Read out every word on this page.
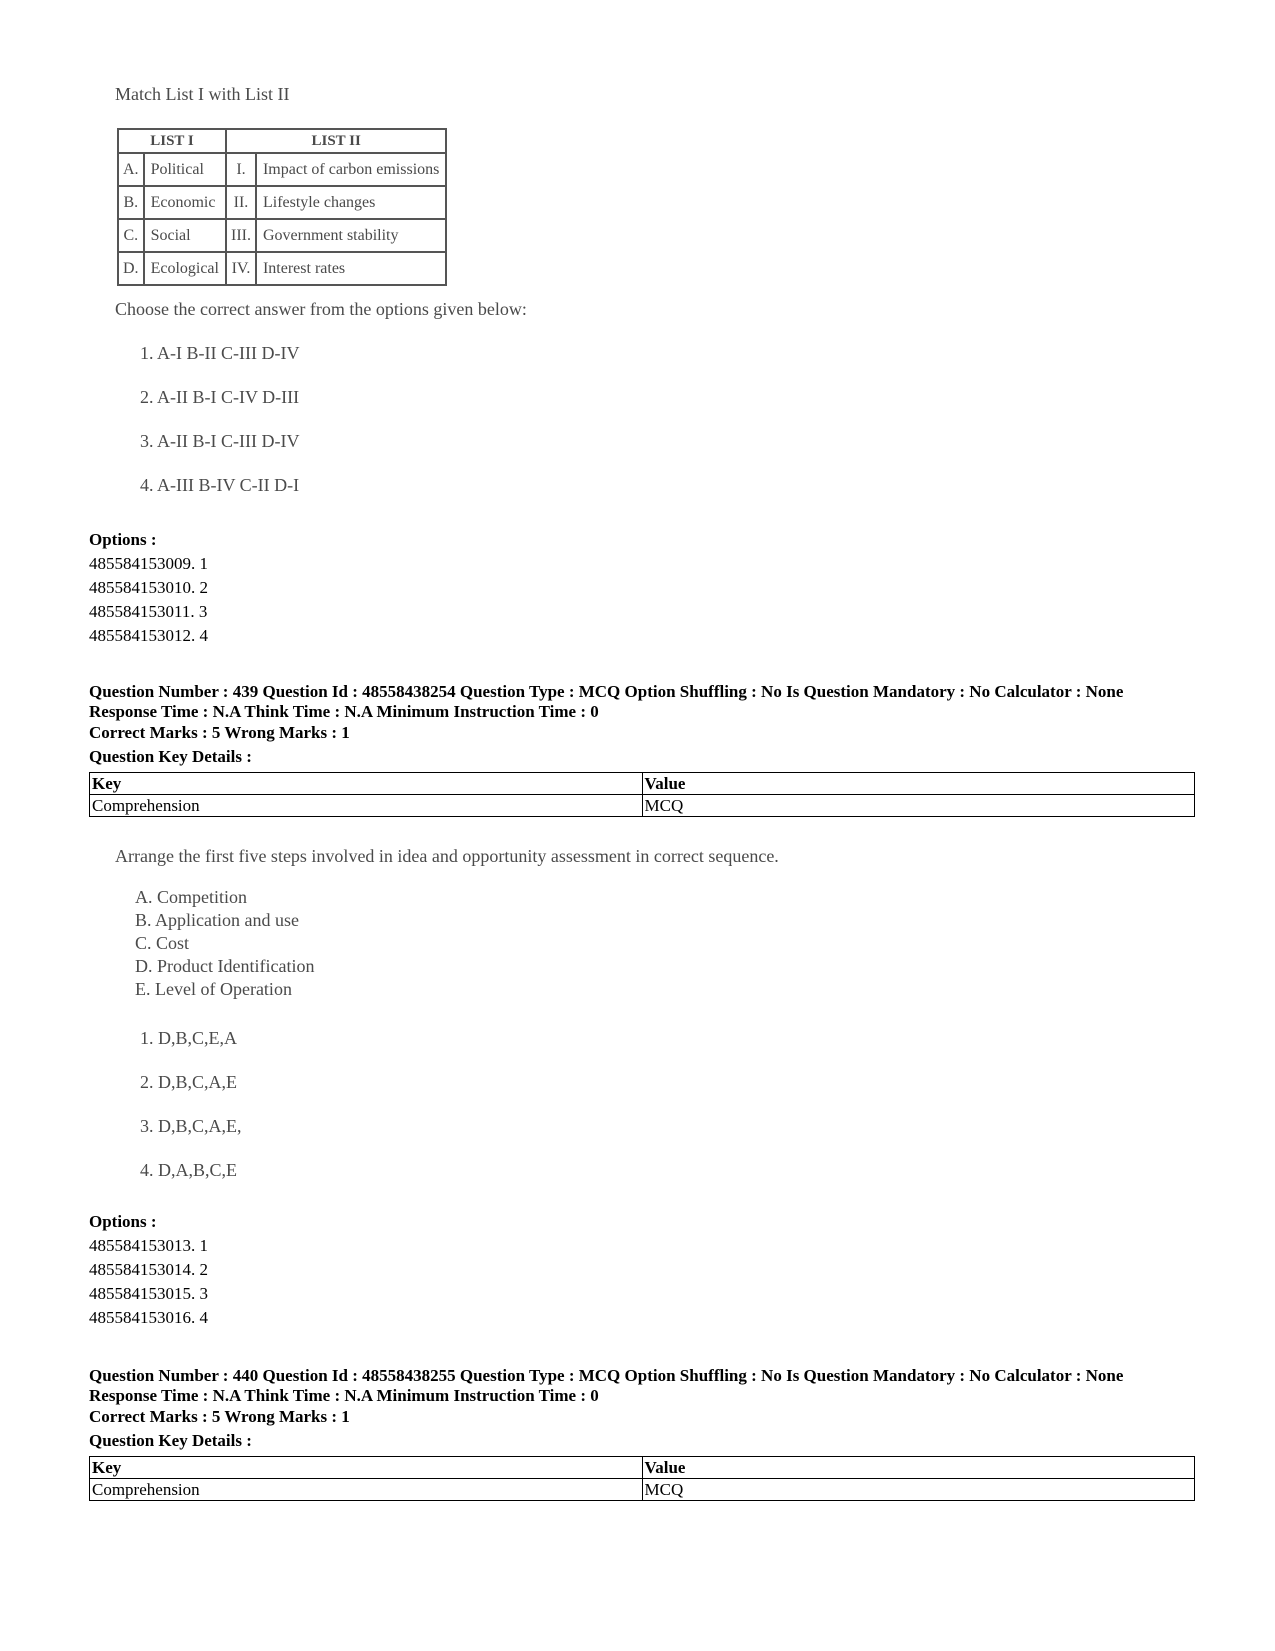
Match List I with List II
LIST I		LIST II	
A.	Political	I.	Impact of carbon emissions
B.	Economic	II.	Lifestyle changes
C.	Social	III.	Government stability
D.	Ecological	IV.	Interest rates
Choose the correct answer from the options given below:
1. A-I B-II C-III D-IV
2. A-II B-I C-IV D-III
3. A-II B-I C-III D-IV
4. A-III B-IV C-II D-I
Options :
485584153009. 1
485584153010. 2
485584153011. 3
485584153012. 4
Question Number : 439 Question Id : 48558438254 Question Type : MCQ Option Shuffling : No Is Question Mandatory : No Calculator : None
Response Time : N.A Think Time : N.A Minimum Instruction Time : 0
Correct Marks : 5 Wrong Marks : 1
Question Key Details :
Key	Value
Comprehension	MCQ
Arrange the first five steps involved in idea and opportunity assessment in correct sequence.
A. Competition
B. Application and use
C. Cost
D. Product Identification
E. Level of Operation
1. D,B,C,E,A
2. D,B,C,A,E
3. D,B,C,A,E,
4. D,A,B,C,E
Options :
485584153013. 1
485584153014. 2
485584153015. 3
485584153016. 4
Question Number : 440 Question Id : 48558438255 Question Type : MCQ Option Shuffling : No Is Question Mandatory : No Calculator : None
Response Time : N.A Think Time : N.A Minimum Instruction Time : 0
Correct Marks : 5 Wrong Marks : 1
Question Key Details :
Key	Value
Comprehension	MCQ
